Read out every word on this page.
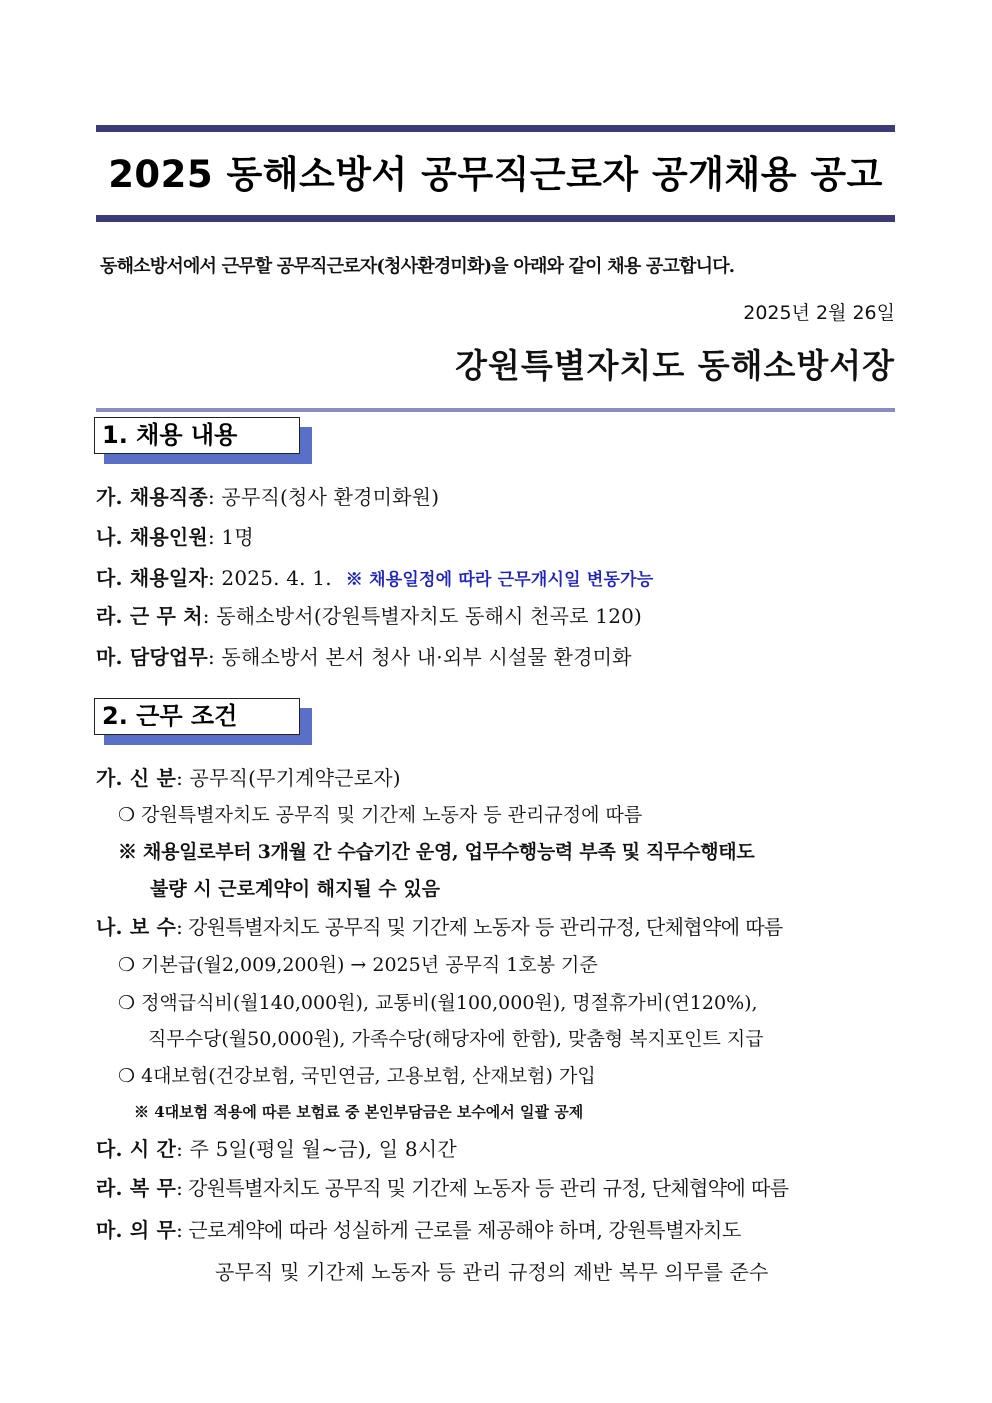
2025 동해소방서 공무직근로자 공개채용 공고
동해소방서에서 근무할 공무직근로자(청사환경미화)을 아래와 같이 채용 공고합니다.
2025년 2월 26일
강원특별자치도 동해소방서장
1. 채용 내용
가. 채용직종: 공무직(청사 환경미화원)
나. 채용인원: 1명
다. 채용일자: 2025. 4. 1. ※ 채용일정에 따라 근무개시일 변동가능
라. 근 무 처: 동해소방서(강원특별자치도 동해시 천곡로 120)
마. 담당업무: 동해소방서 본서 청사 내·외부 시설물 환경미화
2. 근무 조건
가. 신 분: 공무직(무기계약근로자)
❍ 강원특별자치도 공무직 및 기간제 노동자 등 관리규정에 따름
※ 채용일로부터 3개월 간 수습기간 운영, 업무수행능력 부족 및 직무수행태도
불량 시 근로계약이 해지될 수 있음
나. 보 수: 강원특별자치도 공무직 및 기간제 노동자 등 관리규정, 단체협약에 따름
❍ 기본급(월2,009,200원) → 2025년 공무직 1호봉 기준
❍ 정액급식비(월140,000원), 교통비(월100,000원), 명절휴가비(연120%),
직무수당(월50,000원), 가족수당(해당자에 한함), 맞춤형 복지포인트 지급
❍ 4대보험(건강보험, 국민연금, 고용보험, 산재보험) 가입
※ 4대보험 적용에 따른 보험료 중 본인부담금은 보수에서 일괄 공제
다. 시 간: 주 5일(평일 월~금), 일 8시간
라. 복 무: 강원특별자치도 공무직 및 기간제 노동자 등 관리 규정, 단체협약에 따름
마. 의 무: 근로계약에 따라 성실하게 근로를 제공해야 하며, 강원특별자치도
공무직 및 기간제 노동자 등 관리 규정의 제반 복무 의무를 준수
